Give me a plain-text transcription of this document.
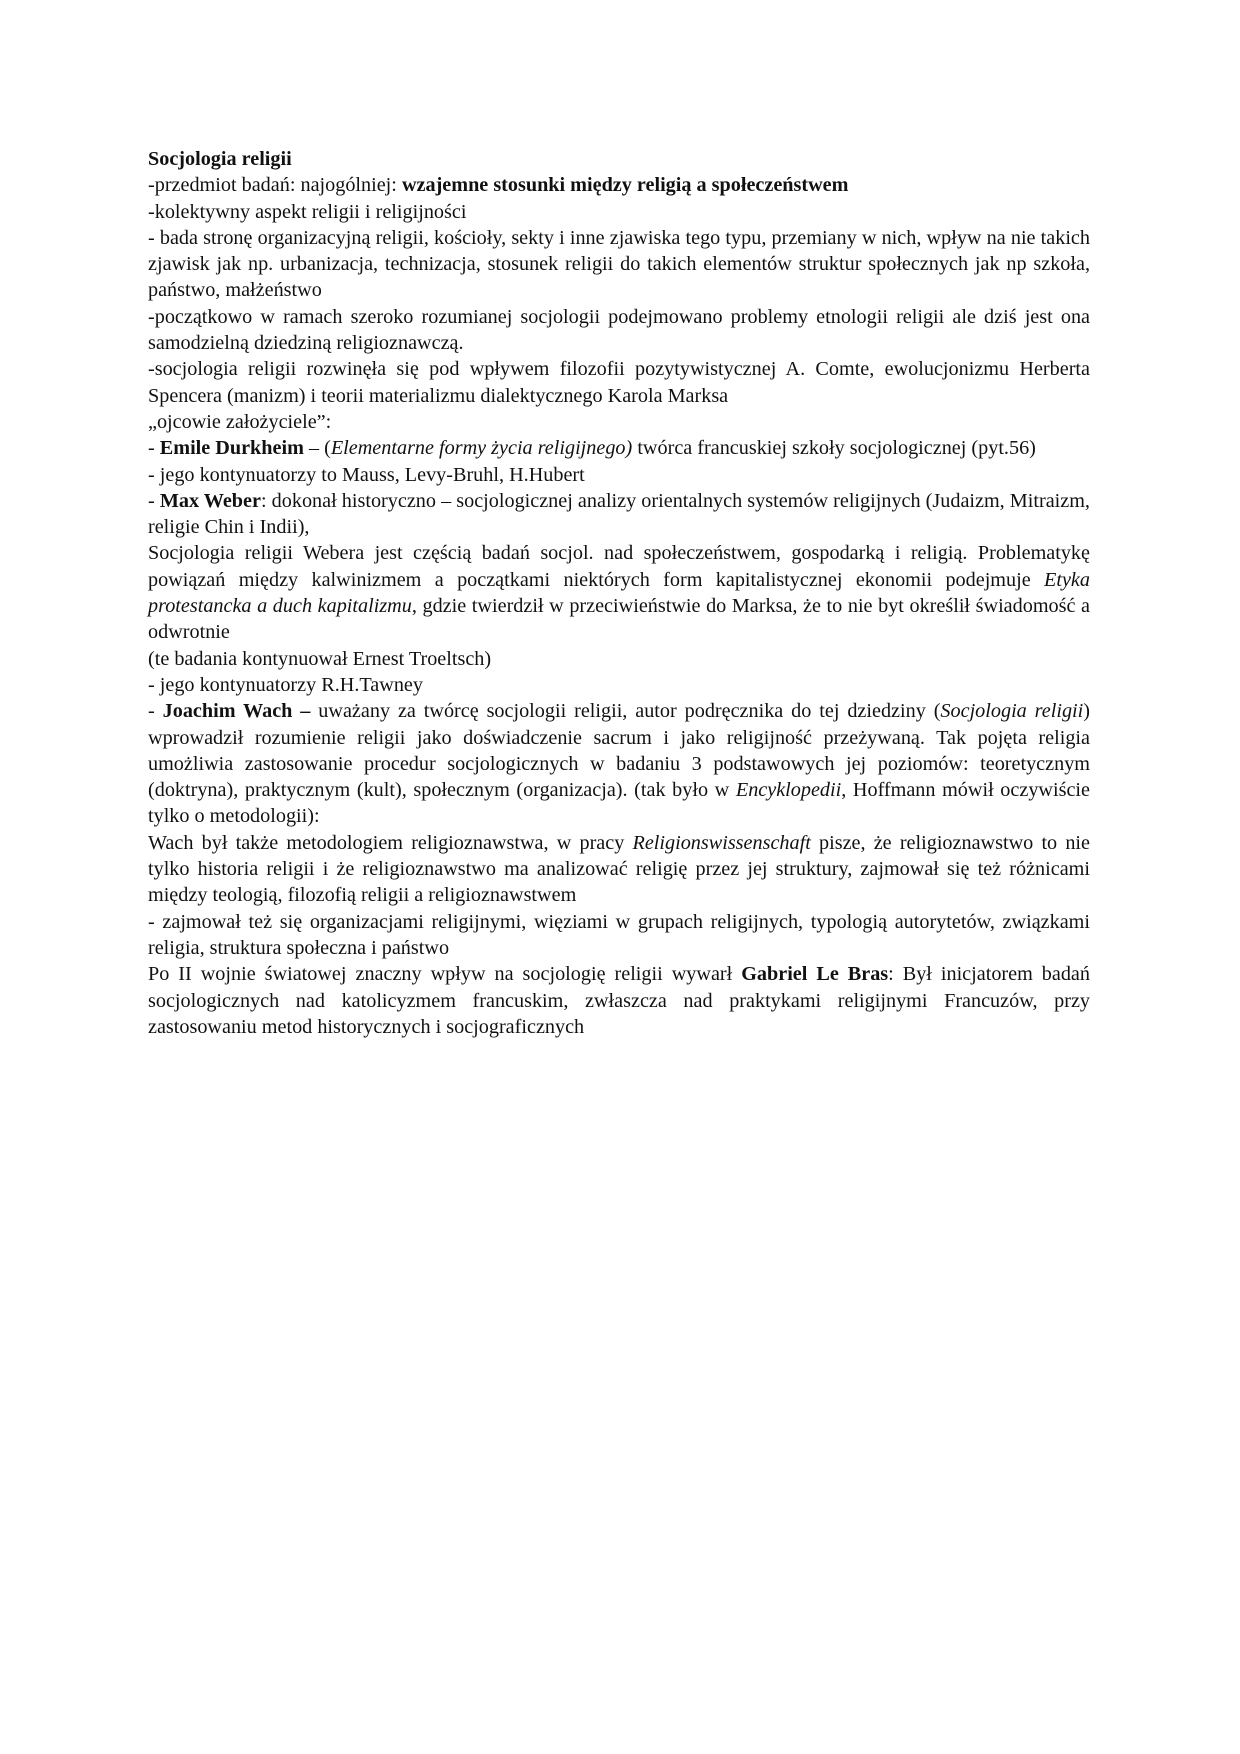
Socjologia religii

-przedmiot badań: najogólniej: wzajemne stosunki między religią a społeczeństwem

-kolektywny aspekt religii i religijności

- bada stronę organizacyjną religii, kościoły, sekty i inne zjawiska tego typu, przemiany w nich, wpływ na nie takich zjawisk jak np. urbanizacja, technizacja, stosunek religii do takich elementów struktur społecznych jak np szkoła, państwo, małżeństwo

-początkowo w ramach szeroko rozumianej socjologii podejmowano problemy etnologii religii ale dziś jest ona samodzielną dziedziną religioznawczą.

-socjologia religii rozwinęła się pod wpływem filozofii pozytywistycznej A. Comte, ewolucjonizmu Herberta Spencera (manizm) i teorii materializmu dialektycznego Karola Marksa

„ojcowie założyciele”:

- Emile Durkheim – (Elementarne formy życia religijnego) twórca francuskiej szkoły socjologicznej (pyt.56)

- jego kontynuatorzy to Mauss, Levy-Bruhl, H.Hubert

- Max Weber: dokonał historyczno – socjologicznej analizy orientalnych systemów religijnych (Judaizm, Mitraizm, religie Chin i Indii),

Socjologia religii Webera jest częścią badań socjol. nad społeczeństwem, gospodarką i religią. Problematykę powiązań między kalwinizmem a początkami niektórych form kapitalistycznej ekonomii podejmuje Etyka protestancka a duch kapitalizmu, gdzie twierdził w przeciwieństwie do Marksa, że to nie byt określił świadomość a odwrotnie

(te badania kontynuował Ernest Troeltsch)

- jego kontynuatorzy R.H.Tawney

- Joachim Wach – uważany za twórcę socjologii religii, autor podręcznika do tej dziedziny (Socjologia religii) wprowadził rozumienie religii jako doświadczenie sacrum i jako religijność przeżywaną. Tak pojęta religia umożliwia zastosowanie procedur socjologicznych w badaniu 3 podstawowych jej poziomów: teoretycznym (doktryna), praktycznym (kult), społecznym (organizacja). (tak było w Encyklopedii, Hoffmann mówił oczywiście tylko o metodologii):

Wach był także metodologiem religioznawstwa, w pracy Religionswissenschaft pisze, że religioznawstwo to nie tylko historia religii i że religioznawstwo ma analizować religię przez jej struktury, zajmował się też różnicami między teologią, filozofią religii a religioznawstwem

- zajmował też się organizacjami religijnymi, więziami w grupach religijnych, typologią autorytetów, związkami religia, struktura społeczna i państwo

Po II wojnie światowej znaczny wpływ na socjologię religii wywarł Gabriel Le Bras: Był inicjatorem badań socjologicznych nad katolicyzmem francuskim, zwłaszcza nad praktykami religijnymi Francuzów, przy zastosowaniu metod historycznych i socjograficznych
